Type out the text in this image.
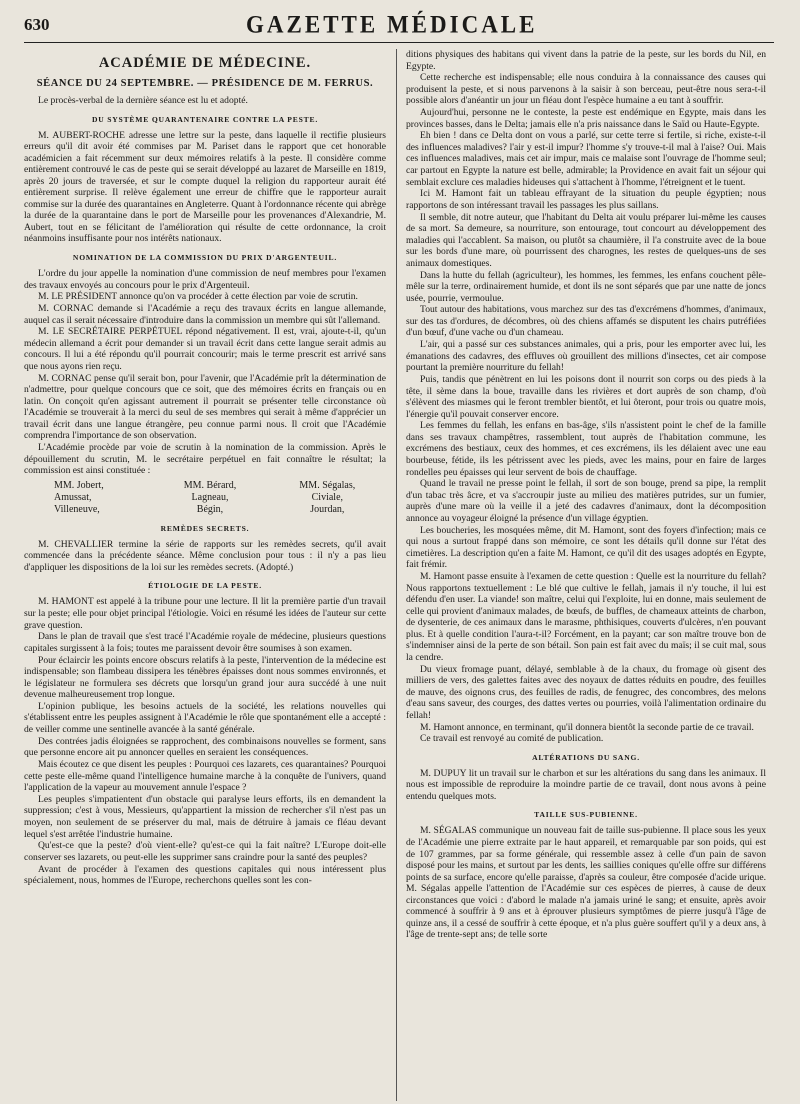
630	GAZETTE MÉDICALE
ACADÉMIE DE MÉDECINE.
SÉANCE DU 24 SEPTEMBRE. — PRÉSIDENCE DE M. FERRUS.

Le procès-verbal de la dernière séance est lu et adopté.

DU SYSTÈME QUARANTENAIRE CONTRE LA PESTE.

M. AUBERT-ROCHE adresse une lettre sur la peste, dans laquelle il rectifie plusieurs erreurs qu'il dit avoir été commises par M. Pariset dans le rapport que cet honorable académicien a fait récemment sur deux mémoires relatifs à la peste. Il considère comme entièrement controuvé le cas de peste qui se serait développé au lazaret de Marseille en 1819, après 20 jours de traversée, et sur le compte duquel la religion du rapporteur aurait été entièrement surprise. Il relève également une erreur de chiffre que le rapporteur aurait commise sur la durée des quarantaines en Angleterre. Quant à l'ordonnance récente qui abrège la durée de la quarantaine dans le port de Marseille pour les provenances d'Alexandrie, M. Aubert, tout en se félicitant de l'amélioration qui résulte de cette ordonnance, la croit néanmoins insuffisante pour nos intérêts nationaux.

NOMINATION DE LA COMMISSION DU PRIX D'ARGENTEUIL.

L'ordre du jour appelle la nomination d'une commission de neuf membres pour l'examen des travaux envoyés au concours pour le prix d'Argenteuil.

M. LE PRÉSIDENT annonce qu'on va procéder à cette élection par voie de scrutin.

M. CORNAC demande si l'Académie a reçu des travaux écrits en langue allemande, auquel cas il serait nécessaire d'introduire dans la commission un membre qui sût l'allemand.

M. LE SECRÉTAIRE PERPÉTUEL répond négativement. Il est, vrai, ajoute-t-il, qu'un médecin allemand a écrit pour demander si un travail écrit dans cette langue serait admis au concours. Il lui a été répondu qu'il pourrait concourir; mais le terme prescrit est arrivé sans que nous ayons rien reçu.

M. CORNAC pense qu'il serait bon, pour l'avenir, que l'Académie prît la détermination de n'admettre, pour quelque concours que ce soit, que des mémoires écrits en français ou en latin. On conçoit qu'en agissant autrement il pourrait se présenter telle circonstance où l'Académie se trouverait à la merci du seul de ses membres qui serait à même d'apprécier un travail écrit dans une langue étrangère, peu connue parmi nous. Il croit que l'Académie comprendra l'importance de son observation.

L'Académie procède par voie de scrutin à la nomination de la commission. Après le dépouillement du scrutin, M. le secrétaire perpétuel en fait connaître le résultat; la commission est ainsi constituée :

MM. Jobert,
Amussat,
Villeneuve,
MM. Bérard,
Lagneau,
Bégin,
MM. Ségalas,
Civiale,
Jourdan,
REMÈDES SECRETS.

M. CHEVALLIER termine la série de rapports sur les remèdes secrets, qu'il avait commencée dans la précédente séance. Même conclusion pour tous : il n'y a pas lieu d'appliquer les dispositions de la loi sur les remèdes secrets. (Adopté.)

ÉTIOLOGIE DE LA PESTE.

M. HAMONT est appelé à la tribune pour une lecture. Il lit la première partie d'un travail sur la peste; elle pour objet principal l'étiologie. Voici en résumé les idées de l'auteur sur cette grave question.

Dans le plan de travail que s'est tracé l'Académie royale de médecine, plusieurs questions capitales surgissent à la fois; toutes me paraissent devoir être soumises à son examen.

Pour éclaircir les points encore obscurs relatifs à la peste, l'intervention de la médecine est indispensable; son flambeau dissipera les ténèbres épaisses dont nous sommes environnés, et le législateur ne formulera ses décrets que lorsqu'un grand jour aura succédé à une nuit devenue malheureusement trop longue.

L'opinion publique, les besoins actuels de la société, les relations nouvelles qui s'établissent entre les peuples assignent à l'Académie le rôle que spontanément elle a accepté : de veiller comme une sentinelle avancée à la santé générale.

Des contrées jadis éloignées se rapprochent, des combinaisons nouvelles se forment, sans que personne encore ait pu annoncer quelles en seraient les conséquences.

Mais écoutez ce que disent les peuples : Pourquoi ces lazarets, ces quarantaines? Pourquoi cette peste elle-même quand l'intelligence humaine marche à la conquête de l'univers, quand l'application de la vapeur au mouvement annule l'espace ?

Les peuples s'impatientent d'un obstacle qui paralyse leurs efforts, ils en demandent la suppression; c'est à vous, Messieurs, qu'appartient la mission de rechercher s'il n'est pas un moyen, non seulement de se préserver du mal, mais de détruire à jamais ce fléau devant lequel s'est arrêtée l'industrie humaine.

Qu'est-ce que la peste? d'où vient-elle? qu'est-ce qui la fait naître? L'Europe doit-elle conserver ses lazarets, ou peut-elle les supprimer sans craindre pour la santé des peuples?

Avant de procéder à l'examen des questions capitales qui nous intéressent plus spécialement, nous, hommes de l'Europe, recherchons quelles sont les con-

ditions physiques des habitans qui vivent dans la patrie de la peste, sur les bords du Nil, en Egypte.

Cette recherche est indispensable; elle nous conduira à la connaissance des causes qui produisent la peste, et si nous parvenons à la saisir à son berceau, peut-être nous sera-t-il possible alors d'anéantir un jour un fléau dont l'espèce humaine a eu tant à souffrir.

Aujourd'hui, personne ne le conteste, la peste est endémique en Egypte, mais dans les provinces basses, dans le Delta; jamais elle n'a pris naissance dans le Saïd ou Haute-Egypte.

Eh bien ! dans ce Delta dont on vous a parlé, sur cette terre si fertile, si riche, existe-t-il des influences maladives? l'air y est-il impur? l'homme s'y trouve-t-il mal à l'aise? Oui. Mais ces influences maladives, mais cet air impur, mais ce malaise sont l'ouvrage de l'homme seul; car partout en Egypte la nature est belle, admirable; la Providence en avait fait un séjour qui semblait exclure ces maladies hideuses qui s'attachent à l'homme, l'étreignent et le tuent.

Ici M. Hamont fait un tableau effrayant de la situation du peuple égyptien; nous rapportons de son intéressant travail les passages les plus saillans.

Il semble, dit notre auteur, que l'habitant du Delta ait voulu préparer lui-même les causes de sa mort. Sa demeure, sa nourriture, son entourage, tout concourt au développement des maladies qui l'accablent. Sa maison, ou plutôt sa chaumière, il l'a construite avec de la boue sur les bords d'une mare, où pourrissent des charognes, les restes de quelques-uns de ses animaux domestiques.

Dans la hutte du fellah (agriculteur), les hommes, les femmes, les enfans couchent pêle-mêle sur la terre, ordinairement humide, et dont ils ne sont séparés que par une natte de joncs usée, pourrie, vermoulue.

Tout autour des habitations, vous marchez sur des tas d'excrémens d'hommes, d'animaux, sur des tas d'ordures, de décombres, où des chiens affamés se disputent les chairs putréfiées d'un bœuf, d'une vache ou d'un chameau.

L'air, qui a passé sur ces substances animales, qui a pris, pour les emporter avec lui, les émanations des cadavres, des effluves où grouillent des millions d'insectes, cet air compose pourtant la première nourriture du fellah!

Puis, tandis que pénètrent en lui les poisons dont il nourrit son corps ou des pieds à la tête, il sème dans la boue, travaille dans les rivières et dort auprès de son champ, d'où s'élèvent des miasmes qui le feront trembler bientôt, et lui ôteront, pour trois ou quatre mois, l'énergie qu'il pouvait conserver encore.

Les femmes du fellah, les enfans en bas-âge, s'ils n'assistent point le chef de la famille dans ses travaux champêtres, rassemblent, tout auprès de l'habitation commune, les excrémens des bestiaux, ceux des hommes, et ces excrémens, ils les délaient avec une eau bourbeuse, fétide, ils les pétrissent avec les pieds, avec les mains, pour en faire de larges rondelles peu épaisses qui leur servent de bois de chauffage.

Quand le travail ne presse point le fellah, il sort de son bouge, prend sa pipe, la remplit d'un tabac très âcre, et va s'accroupir juste au milieu des matières putrides, sur un fumier, auprès d'une mare où la veille il a jeté des cadavres d'animaux, dont la décomposition annonce au voyageur éloigné la présence d'un village égyptien.

Les boucheries, les mosquées même, dit M. Hamont, sont des foyers d'infection; mais ce qui nous a surtout frappé dans son mémoire, ce sont les détails qu'il donne sur l'état des cimetières. La description qu'en a faite M. Hamont, ce qu'il dit des usages adoptés en Egypte, fait frémir.

M. Hamont passe ensuite à l'examen de cette question : Quelle est la nourriture du fellah? Nous rapportons textuellement : Le blé que cultive le fellah, jamais il n'y touche, il lui est défendu d'en user. La viande! son maître, celui qui l'exploite, lui en donne, mais seulement de celle qui provient d'animaux malades, de bœufs, de buffles, de chameaux atteints de charbon, de dysenterie, de ces animaux dans le marasme, phthisiques, couverts d'ulcères, n'en pouvant plus. Et à quelle condition l'aura-t-il? Forcément, en la payant; car son maître trouve bon de s'indemniser ainsi de la perte de son bétail. Son pain est fait avec du maïs; il se cuit mal, sous la cendre.

Du vieux fromage puant, délayé, semblable à de la chaux, du fromage où gisent des milliers de vers, des galettes faites avec des noyaux de dattes réduits en poudre, des feuilles de mauve, des oignons crus, des feuilles de radis, de fenugrec, des concombres, des melons d'eau sans saveur, des courges, des dattes vertes ou pourries, voilà l'alimentation ordinaire du fellah!

M. Hamont annonce, en terminant, qu'il donnera bientôt la seconde partie de ce travail.

Ce travail est renvoyé au comité de publication.

ALTÉRATIONS DU SANG.

M. DUPUY lit un travail sur le charbon et sur les altérations du sang dans les animaux. Il nous est impossible de reproduire la moindre partie de ce travail, dont nous avons à peine entendu quelques mots.

TAILLE SUS-PUBIENNE.

M. SÉGALAS communique un nouveau fait de taille sus-pubienne. Il place sous les yeux de l'Académie une pierre extraite par le haut appareil, et remarquable par son poids, qui est de 107 grammes, par sa forme générale, qui ressemble assez à celle d'un pain de savon disposé pour les mains, et surtout par les dents, les saillies coniques qu'elle offre sur différens points de sa surface, encore qu'elle paraisse, d'après sa couleur, être composée d'acide urique. M. Ségalas appelle l'attention de l'Académie sur ces espèces de pierres, à cause de deux circonstances que voici : d'abord le malade n'a jamais uriné le sang; et ensuite, après avoir commencé à souffrir à 9 ans et à éprouver plusieurs symptômes de pierre jusqu'à l'âge de quinze ans, il a cessé de souffrir à cette époque, et n'a plus guère souffert qu'il y a deux ans, à l'âge de trente-sept ans; de telle sorte
